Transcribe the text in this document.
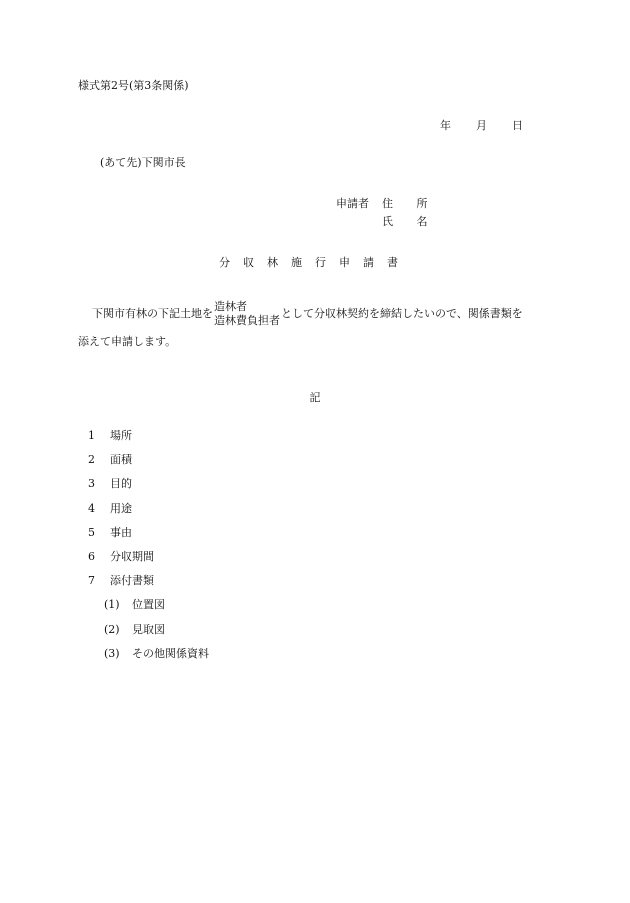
様式第2号(第3条関係)
年	月	日
(あて先)下関市長
申請者	住 所
氏 名
分収林施行申請書
下関市有林の下記土地を
造林者
造林費負担者 として分収林契約を締結したいので、関係書類を
添えて申請します。
記
1	場所
2	面積
3	目的
4	用途
5	事由
6	分収期間
7	添付書類
(1)	位置図
(2)	見取図
(3)	その他関係資料
